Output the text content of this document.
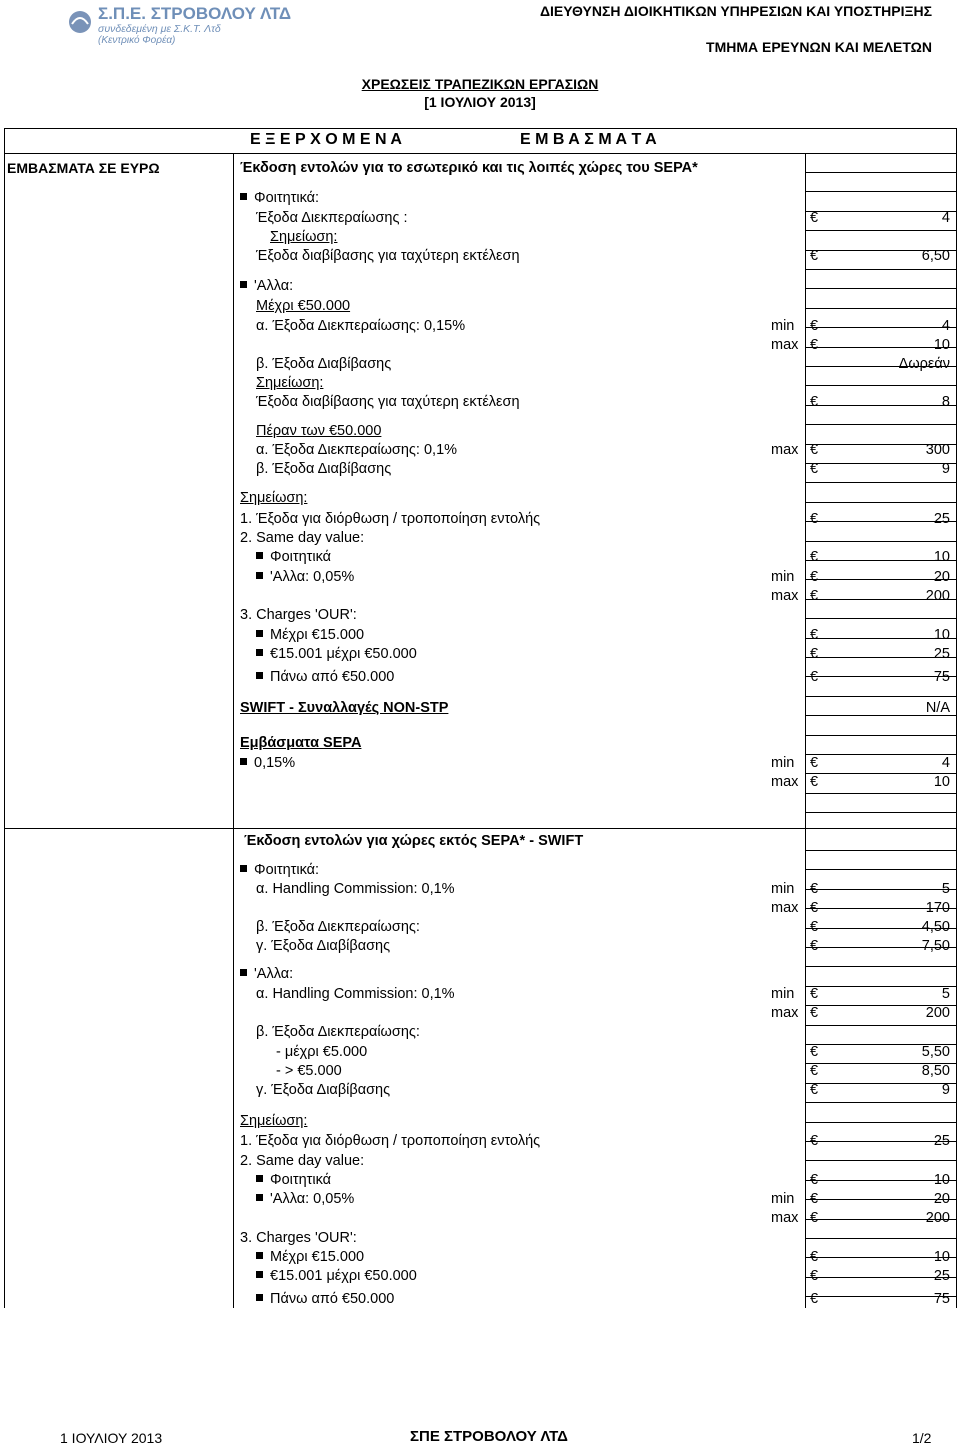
Σ.Π.Ε. ΣΤΡΟΒΟΛΟΥ ΛΤΔ
συνδεδεμένη με Σ.Κ.Τ. Λτδ
(Κεντρικό Φορέα)
ΔΙΕΥΘΥΝΣΗ ΔΙΟΙΚΗΤΙΚΩΝ ΥΠΗΡΕΣΙΩΝ ΚΑΙ ΥΠΟΣΤΗΡΙΞΗΣ
ΤΜΗΜΑ ΕΡΕΥΝΩΝ ΚΑΙ ΜΕΛΕΤΩΝ
ΧΡΕΩΣΕΙΣ ΤΡΑΠΕΖΙΚΩΝ ΕΡΓΑΣΙΩΝ
[1 ΙΟΥΛΙΟΥ 2013]
Ε Ξ Ε Ρ Χ Ο Μ Ε Ν Α	Ε Μ Β Α Σ Μ Α Τ Α
ΕΜΒΑΣΜΑΤΑ ΣΕ ΕΥΡΩ	Έκδοση εντολών για το εσωτερικό και τις λοιπές χώρες του SEPA*
Φοιτητικά:
Έξοδα Διεκπεραίωσης :	€	4
Σημείωση:
Έξοδα διαβίβασης για ταχύτερη εκτέλεση	€	6,50
'Αλλα:
Μέχρι €50.000
α. Έξοδα Διεκπεραίωσης: 0,15%	min €	4
max €	10
β. Έξοδα Διαβίβασης	Δωρεάν
Σημείωση:
Έξοδα διαβίβασης για ταχύτερη εκτέλεση	€	8
Πέραν των €50.000
α. Έξοδα Διεκπεραίωσης: 0,1%	max €	300
β. Έξοδα Διαβίβασης	€	9
Σημείωση:
1. Έξοδα για διόρθωση / τροποποίηση εντολής	€	25
2. Same day value:
Φοιτητικά	€	10
'Αλλα: 0,05%	min €	20
max €	200
3. Charges 'OUR':
Μέχρι €15.000	€	10
€15.001 μέχρι €50.000	€	25
Πάνω από €50.000	€	75
SWIFT - Συναλλαγές NON-STP	N/A
Εμβάσματα SEPA
0,15%	min €	4
max €	10
Έκδοση εντολών για χώρες εκτός SEPA* - SWIFT
Φοιτητικά:
α. Handling Commission: 0,1%	min €	5
max €	170
β. Έξοδα Διεκπεραίωσης:	€	4,50
γ. Έξοδα Διαβίβασης	€	7,50
'Αλλα:
α. Handling Commission: 0,1%	min €	5
max €	200
β. Έξοδα Διεκπεραίωσης:
- μέχρι €5.000	€	5,50
- > €5.000	€	8,50
γ. Έξοδα Διαβίβασης	€	9
Σημείωση:
1. Έξοδα για διόρθωση / τροποποίηση εντολής	€	25
2. Same day value:
Φοιτητικά	€	10
'Αλλα: 0,05%	min €	20
max €	200
3. Charges 'OUR':
Μέχρι €15.000	€	10
€15.001 μέχρι €50.000	€	25
Πάνω από €50.000	€	75
1 ΙΟΥΛΙΟΥ 2013	ΣΠΕ ΣΤΡΟΒΟΛΟΥ ΛΤΔ	1/2
